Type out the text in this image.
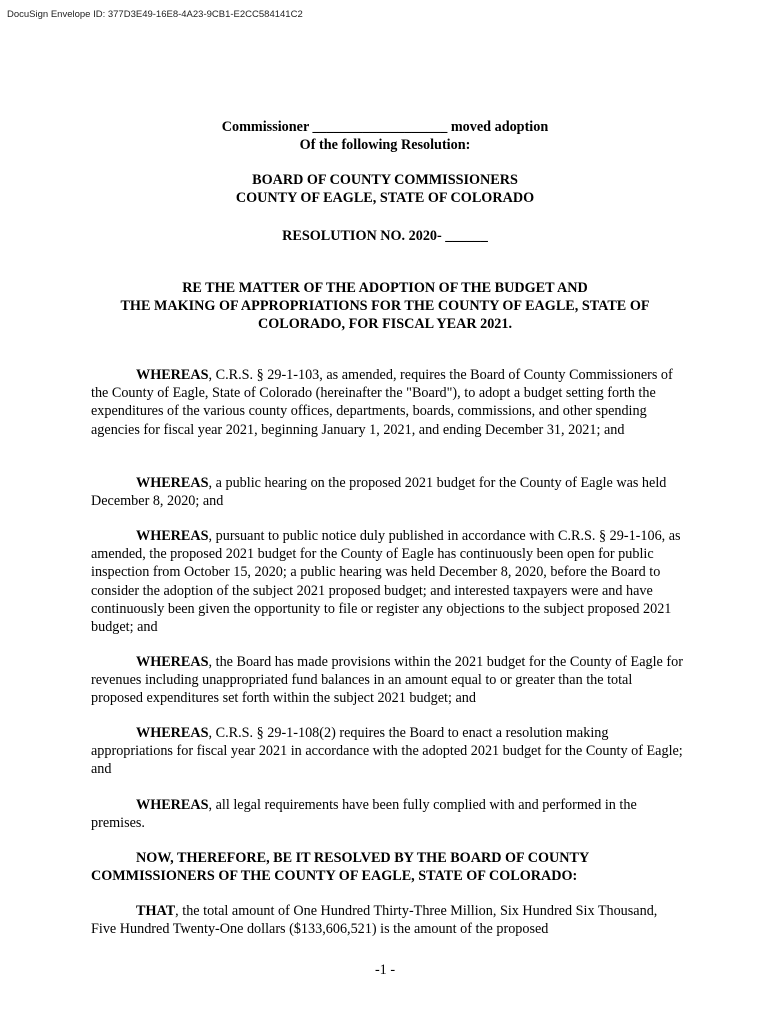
DocuSign Envelope ID: 377D3E49-16E8-4A23-9CB1-E2CC584141C2
Commissioner ___________________ moved adoption
Of the following Resolution:
BOARD OF COUNTY COMMISSIONERS
COUNTY OF EAGLE, STATE OF COLORADO
RESOLUTION NO. 2020- ______
RE THE MATTER OF THE ADOPTION OF THE BUDGET AND
THE MAKING OF APPROPRIATIONS FOR THE COUNTY OF EAGLE, STATE OF
COLORADO, FOR FISCAL YEAR 2021.
WHEREAS, C.R.S. § 29-1-103, as amended, requires the Board of County Commissioners of the County of Eagle, State of Colorado (hereinafter the "Board"), to adopt a budget setting forth the expenditures of the various county offices, departments, boards, commissions, and other spending agencies for fiscal year 2021, beginning January 1, 2021, and ending December 31, 2021; and
WHEREAS, a public hearing on the proposed 2021 budget for the County of Eagle was held December 8, 2020; and
WHEREAS, pursuant to public notice duly published in accordance with C.R.S. § 29-1-106, as amended, the proposed 2021 budget for the County of Eagle has continuously been open for public inspection from October 15, 2020; a public hearing was held December 8, 2020, before the Board to consider the adoption of the subject 2021 proposed budget; and interested taxpayers were and have continuously been given the opportunity to file or register any objections to the subject proposed 2021 budget; and
WHEREAS, the Board has made provisions within the 2021 budget for the County of Eagle for revenues including unappropriated fund balances in an amount equal to or greater than the total proposed expenditures set forth within the subject 2021 budget; and
WHEREAS, C.R.S. § 29-1-108(2) requires the Board to enact a resolution making appropriations for fiscal year 2021 in accordance with the adopted 2021 budget for the County of Eagle; and
WHEREAS, all legal requirements have been fully complied with and performed in the premises.
NOW, THEREFORE, BE IT RESOLVED BY THE BOARD OF COUNTY COMMISSIONERS OF THE COUNTY OF EAGLE, STATE OF COLORADO:
THAT, the total amount of One Hundred Thirty-Three Million, Six Hundred Six Thousand, Five Hundred Twenty-One dollars ($133,606,521) is the amount of the proposed
-1 -
